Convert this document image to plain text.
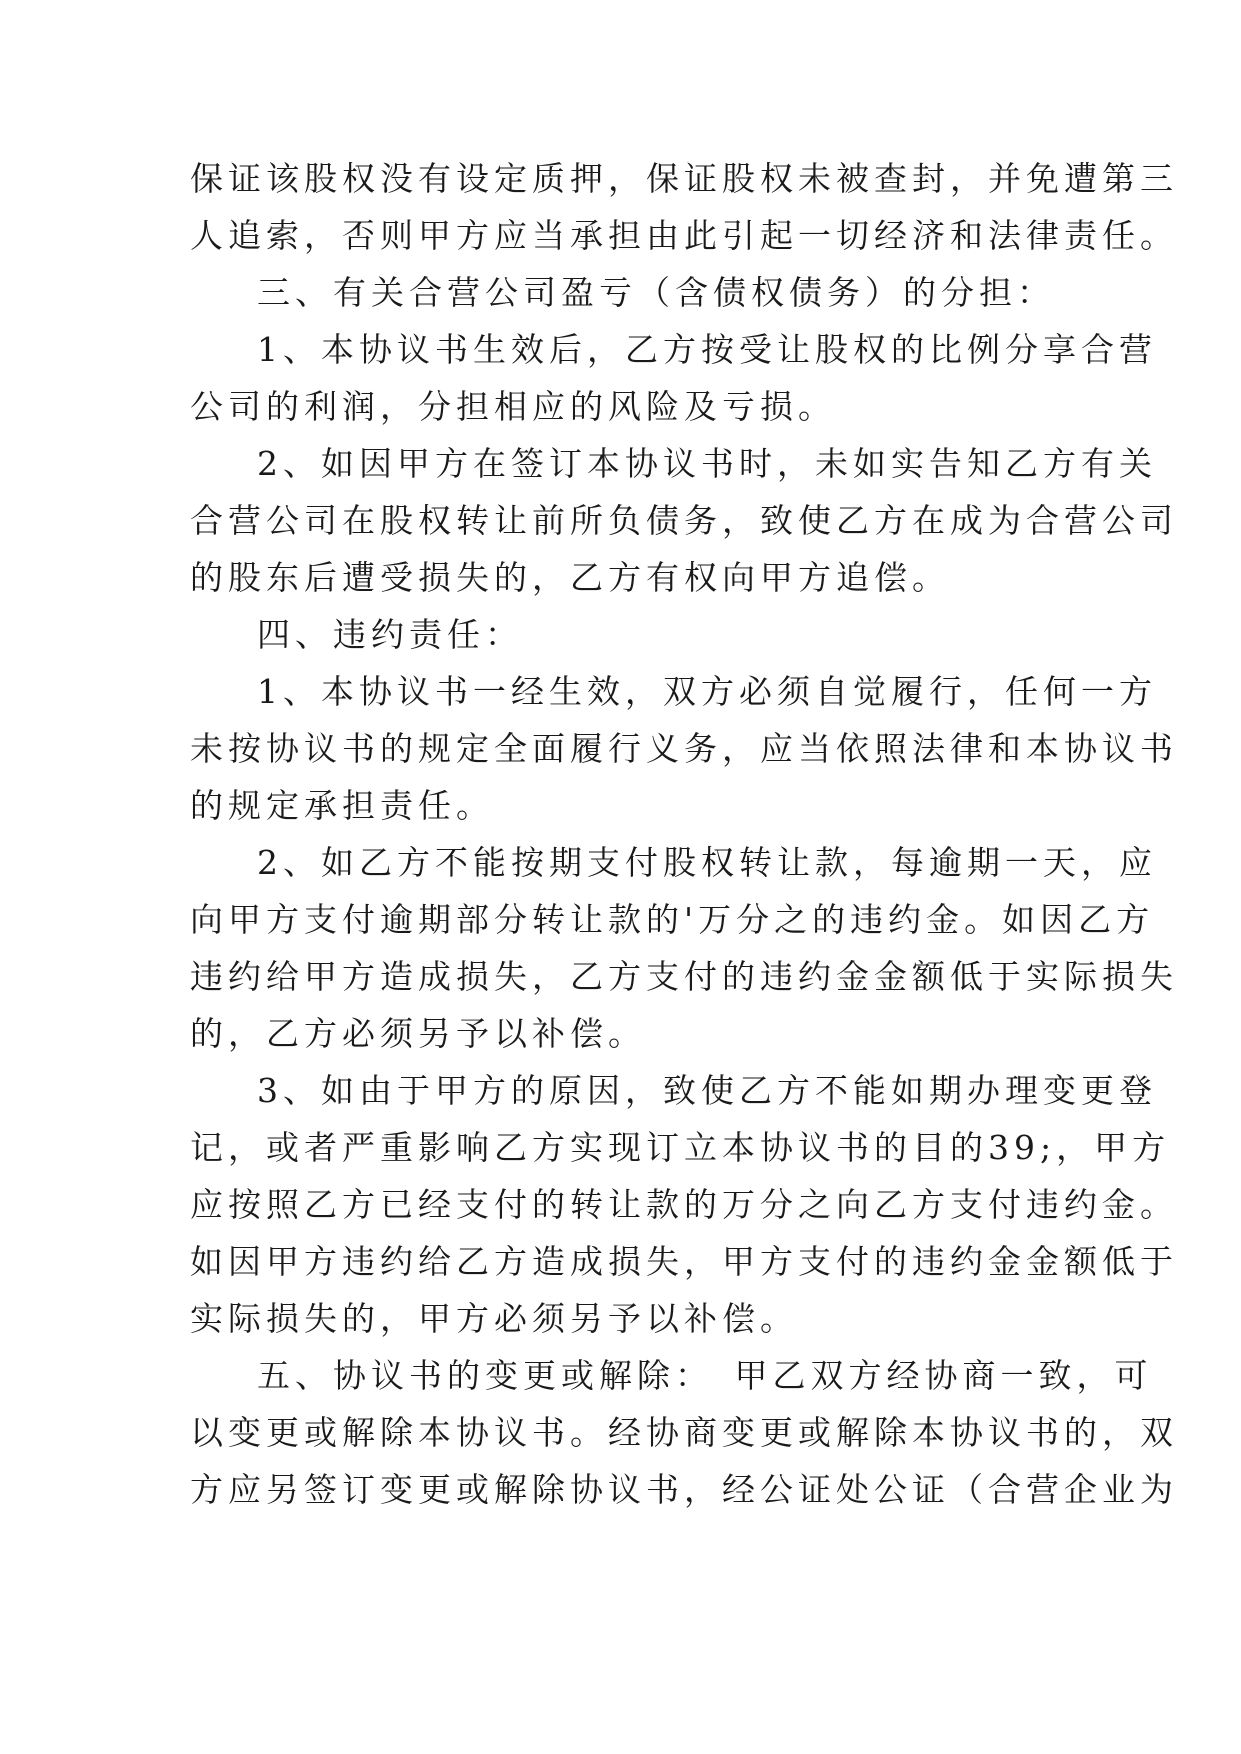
保证该股权没有设定质押，保证股权未被查封，并免遭第三
人追索，否则甲方应当承担由此引起一切经济和法律责任。
三、有关合营公司盈亏（含债权债务）的分担：
1、本协议书生效后，乙方按受让股权的比例分享合营
公司的利润，分担相应的风险及亏损。
2、如因甲方在签订本协议书时，未如实告知乙方有关
合营公司在股权转让前所负债务，致使乙方在成为合营公司
的股东后遭受损失的，乙方有权向甲方追偿。
四、违约责任：
1、本协议书一经生效，双方必须自觉履行，任何一方
未按协议书的规定全面履行义务，应当依照法律和本协议书
的规定承担责任。
2、如乙方不能按期支付股权转让款，每逾期一天，应
向甲方支付逾期部分转让款的'万分之的违约金。如因乙方
违约给甲方造成损失，乙方支付的违约金金额低于实际损失
的，乙方必须另予以补偿。
3、如由于甲方的原因，致使乙方不能如期办理变更登
记，或者严重影响乙方实现订立本协议书的目的39;，甲方
应按照乙方已经支付的转让款的万分之向乙方支付违约金。
如因甲方违约给乙方造成损失，甲方支付的违约金金额低于
实际损失的，甲方必须另予以补偿。
五、协议书的变更或解除：　甲乙双方经协商一致，可
以变更或解除本协议书。经协商变更或解除本协议书的，双
方应另签订变更或解除协议书，经公证处公证（合营企业为
